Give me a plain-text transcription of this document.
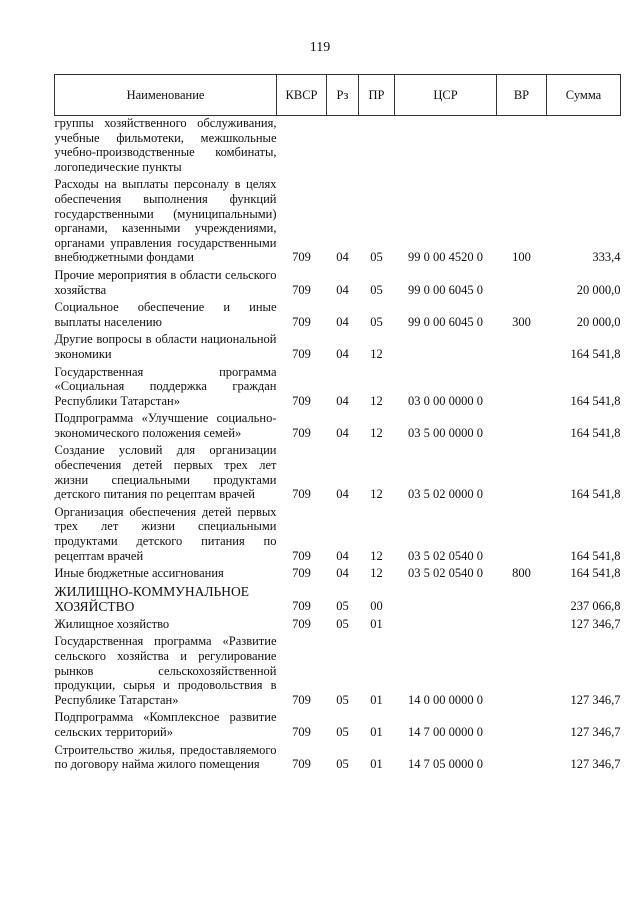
119
Наименование	КВСР	Рз	ПР	ЦСР	ВР	Сумма
группы хозяйственного обслуживания, учебные фильмотеки, межшкольные учебно-производственные комбинаты, логопедические пункты						

Расходы на выплаты персоналу в целях обеспечения выполнения функций государственными (муниципальными) органами, казенными учреждениями, органами управления государственными внебюджетными фондами	709	04	05	99 0 00 4520 0	100	333,4

Прочие мероприятия в области сельского хозяйства	709	04	05	99 0 00 6045 0		20 000,0

Социальное обеспечение и иные выплаты населению	709	04	05	99 0 00 6045 0	300	20 000,0

Другие вопросы в области национальной экономики	709	04	12			164 541,8

Государственная программа «Социальная поддержка граждан Республики Татарстан»	709	04	12	03 0 00 0000 0		164 541,8

Подпрограмма «Улучшение социально-экономического положения семей»	709	04	12	03 5 00 0000 0		164 541,8

Создание условий для организации обеспечения детей первых трех лет жизни специальными продуктами детского питания по рецептам врачей	709	04	12	03 5 02 0000 0		164 541,8

Организация обеспечения детей первых трех лет жизни специальными продуктами детского питания по рецептам врачей	709	04	12	03 5 02 0540 0		164 541,8

Иные бюджетные ассигнования	709	04	12	03 5 02 0540 0	800	164 541,8

ЖИЛИЩНО-КОММУНАЛЬНОЕ ХОЗЯЙСТВО	709	05	00			237 066,8

Жилищное хозяйство	709	05	01			127 346,7

Государственная программа «Развитие сельского хозяйства и регулирование рынков сельскохозяйственной продукции, сырья и продовольствия в Республике Татарстан»	709	05	01	14 0 00 0000 0		127 346,7

Подпрограмма «Комплексное развитие сельских территорий»	709	05	01	14 7 00 0000 0		127 346,7

Строительство жилья, предоставляемого по договору найма жилого помещения	709	05	01	14 7 05 0000 0		127 346,7
